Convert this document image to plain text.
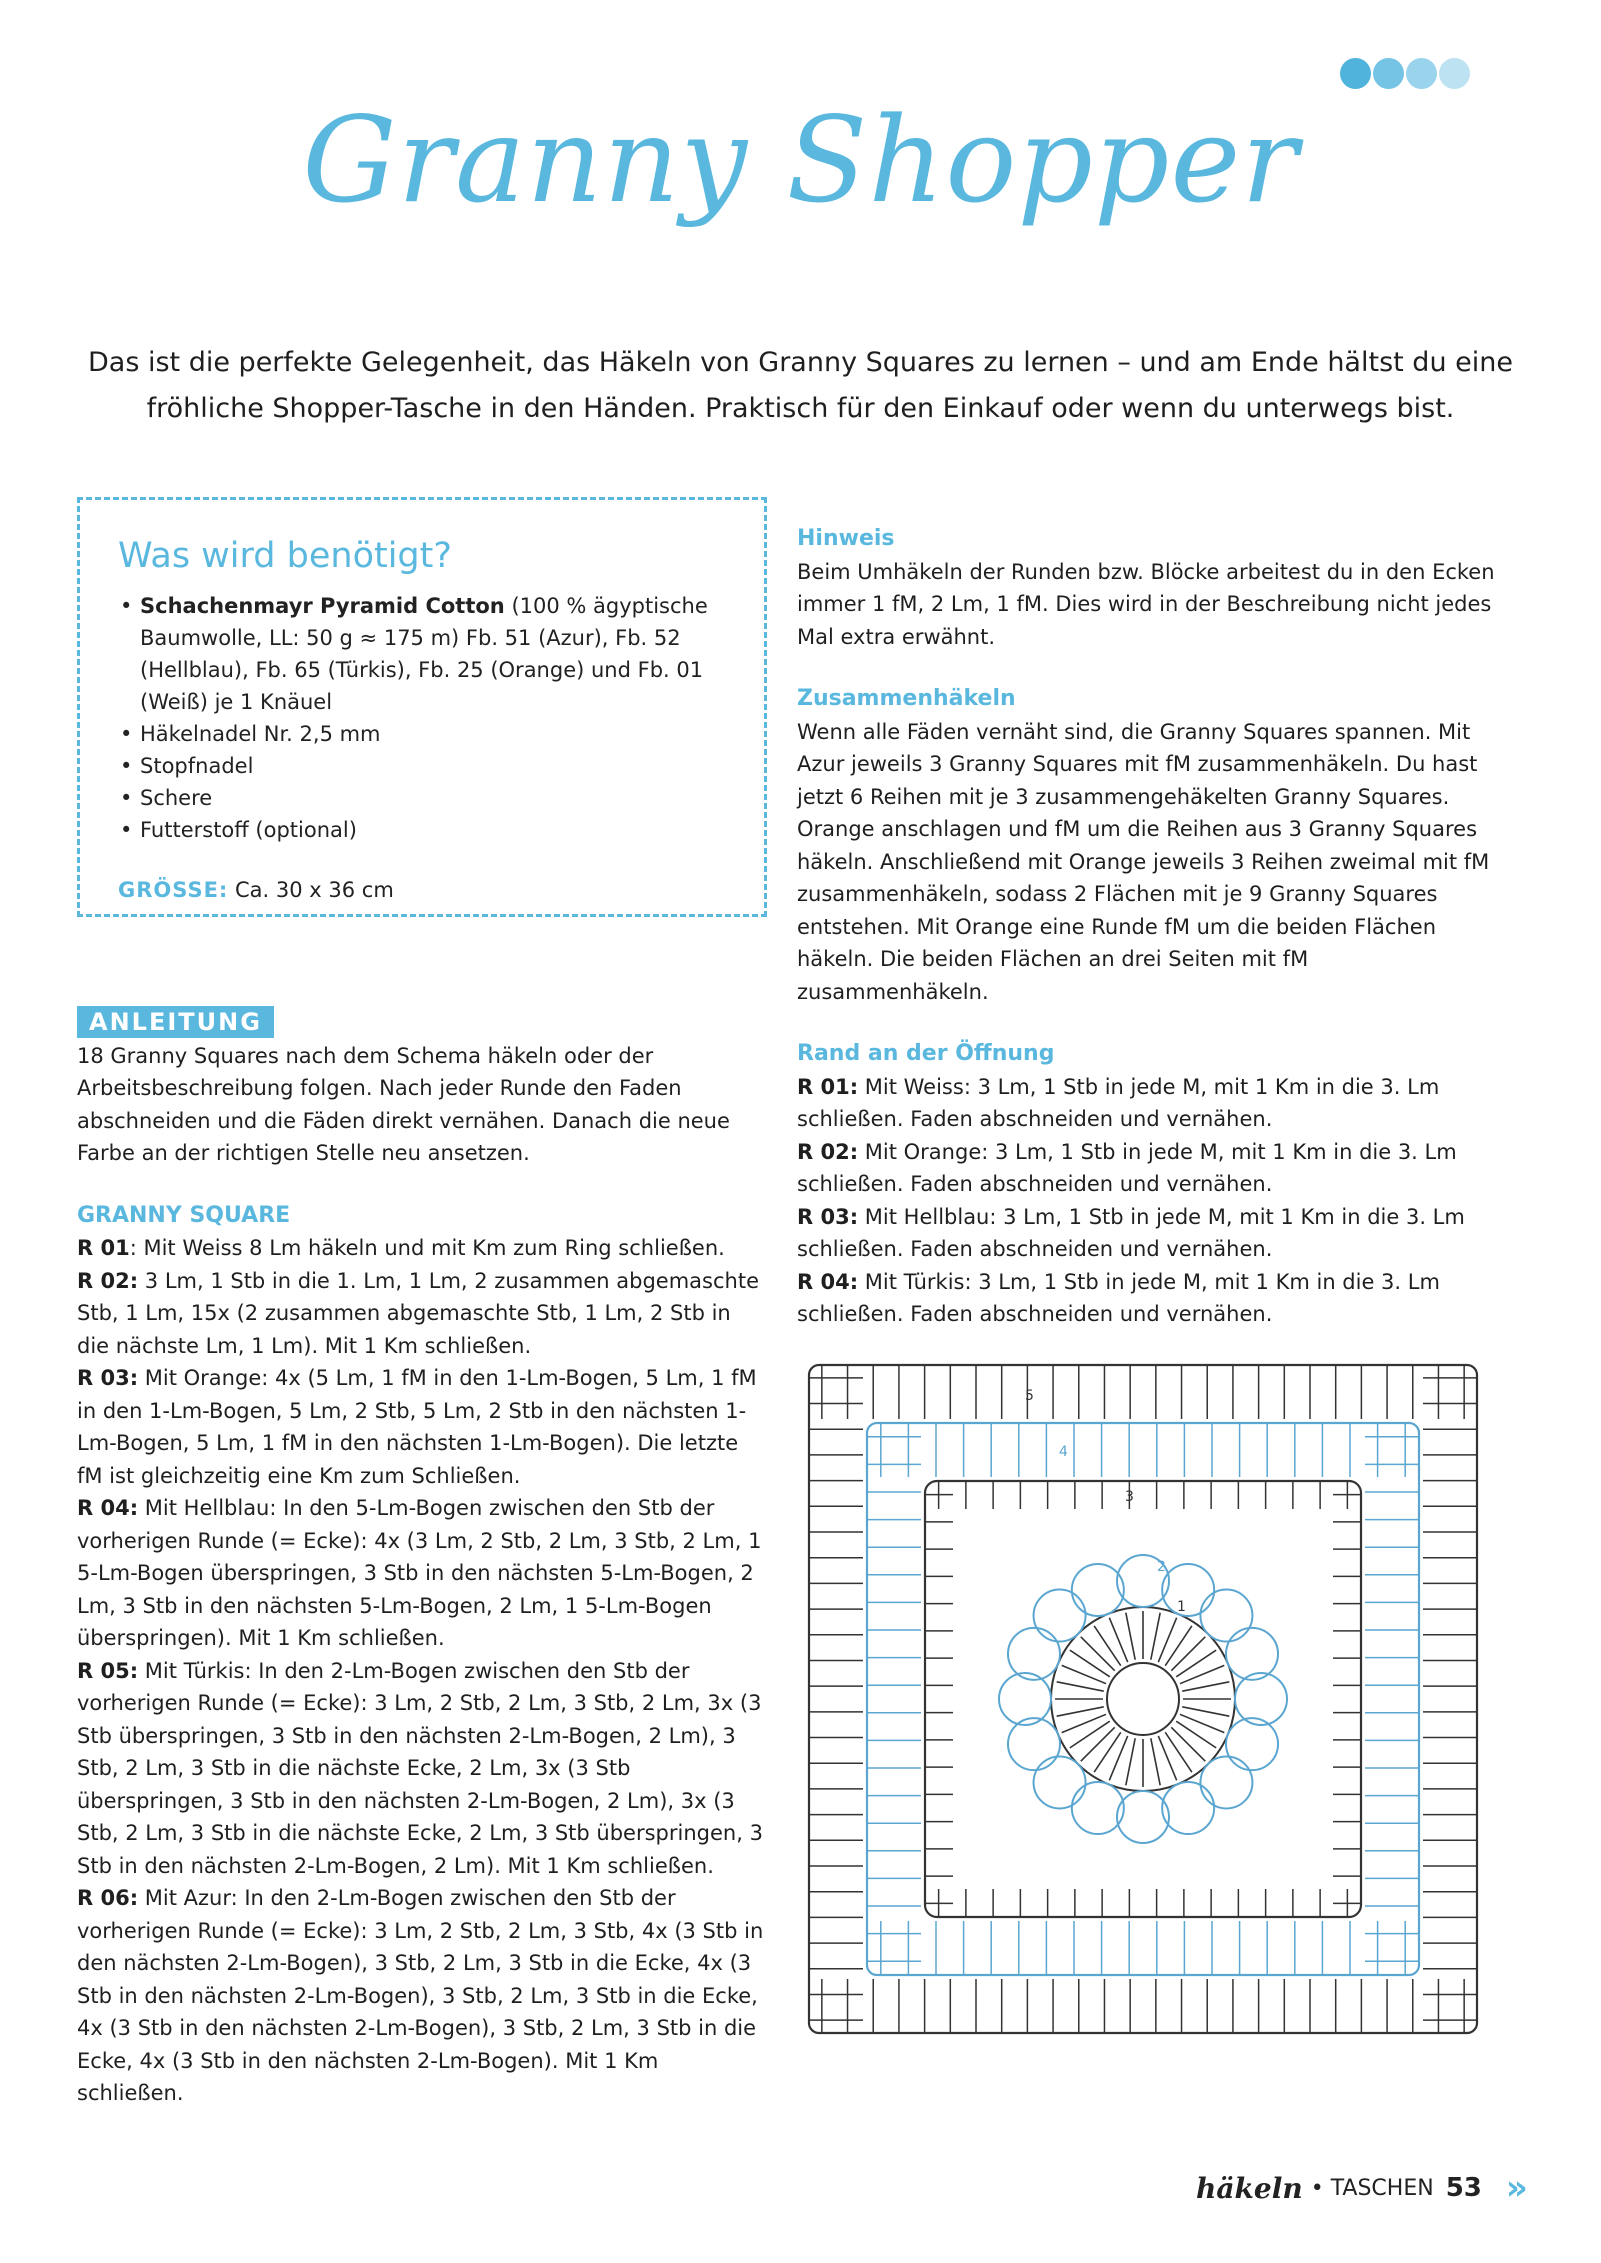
Granny Shopper
Das ist die perfekte Gelegenheit, das Häkeln von Granny Squares zu lernen – und am Ende hältst du eine fröhliche Shopper-Tasche in den Händen. Praktisch für den Einkauf oder wenn du unterwegs bist.
Was wird benötigt?
• Schachenmayr Pyramid Cotton (100 % ägyptische Baumwolle, LL: 50 g ≈ 175 m) Fb. 51 (Azur), Fb. 52 (Hellblau), Fb. 65 (Türkis), Fb. 25 (Orange) und Fb. 01 (Weiß) je 1 Knäuel
• Häkelnadel Nr. 2,5 mm
• Stopfnadel
• Schere
• Futterstoff (optional)
GRÖSSE: Ca. 30 x 36 cm
ANLEITUNG

18 Granny Squares nach dem Schema häkeln oder der Arbeitsbeschreibung folgen. Nach jeder Runde den Faden abschneiden und die Fäden direkt vernähen. Danach die neue Farbe an der richtigen Stelle neu ansetzen.

GRANNY SQUARE

R 01: Mit Weiss 8 Lm häkeln und mit Km zum Ring schließen.

R 02: 3 Lm, 1 Stb in die 1. Lm, 1 Lm, 2 zusammen abgemaschte Stb, 1 Lm, 15x (2 zusammen abgemaschte Stb, 1 Lm, 2 Stb in die nächste Lm, 1 Lm). Mit 1 Km schließen.

R 03: Mit Orange: 4x (5 Lm, 1 fM in den 1-Lm-Bogen, 5 Lm, 1 fM in den 1-Lm-Bogen, 5 Lm, 2 Stb, 5 Lm, 2 Stb in den nächsten 1-Lm-Bogen, 5 Lm, 1 fM in den nächsten 1-Lm-Bogen). Die letzte fM ist gleichzeitig eine Km zum Schließen.

R 04: Mit Hellblau: In den 5-Lm-Bogen zwischen den Stb der vorherigen Runde (= Ecke): 4x (3 Lm, 2 Stb, 2 Lm, 3 Stb, 2 Lm, 1 5-Lm-Bogen überspringen, 3 Stb in den nächsten 5-Lm-Bogen, 2 Lm, 3 Stb in den nächsten 5-Lm-Bogen, 2 Lm, 1 5-Lm-Bogen überspringen). Mit 1 Km schließen.

R 05: Mit Türkis: In den 2-Lm-Bogen zwischen den Stb der vorherigen Runde (= Ecke): 3 Lm, 2 Stb, 2 Lm, 3 Stb, 2 Lm, 3x (3 Stb überspringen, 3 Stb in den nächsten 2-Lm-Bogen, 2 Lm), 3 Stb, 2 Lm, 3 Stb in die nächste Ecke, 2 Lm, 3x (3 Stb überspringen, 3 Stb in den nächsten 2-Lm-Bogen, 2 Lm), 3x (3 Stb, 2 Lm, 3 Stb in die nächste Ecke, 2 Lm, 3 Stb überspringen, 3 Stb in den nächsten 2-Lm-Bogen, 2 Lm). Mit 1 Km schließen.

R 06: Mit Azur: In den 2-Lm-Bogen zwischen den Stb der vorherigen Runde (= Ecke): 3 Lm, 2 Stb, 2 Lm, 3 Stb, 4x (3 Stb in den nächsten 2-Lm-Bogen), 3 Stb, 2 Lm, 3 Stb in die Ecke, 4x (3 Stb in den nächsten 2-Lm-Bogen), 3 Stb, 2 Lm, 3 Stb in die Ecke, 4x (3 Stb in den nächsten 2-Lm-Bogen), 3 Stb, 2 Lm, 3 Stb in die Ecke, 4x (3 Stb in den nächsten 2-Lm-Bogen). Mit 1 Km schließen.

Hinweis

Beim Umhäkeln der Runden bzw. Blöcke arbeitest du in den Ecken immer 1 fM, 2 Lm, 1 fM. Dies wird in der Beschreibung nicht jedes Mal extra erwähnt.

Zusammenhäkeln

Wenn alle Fäden vernäht sind, die Granny Squares spannen. Mit Azur jeweils 3 Granny Squares mit fM zusammenhäkeln. Du hast jetzt 6 Reihen mit je 3 zusammengehäkelten Granny Squares. Orange anschlagen und fM um die Reihen aus 3 Granny Squares häkeln. Anschließend mit Orange jeweils 3 Reihen zweimal mit fM zusammenhäkeln, sodass 2 Flächen mit je 9 Granny Squares entstehen. Mit Orange eine Runde fM um die beiden Flächen häkeln. Die beiden Flächen an drei Seiten mit fM zusammenhäkeln.

Rand an der Öffnung

R 01: Mit Weiss: 3 Lm, 1 Stb in jede M, mit 1 Km in die 3. Lm schließen. Faden abschneiden und vernähen.

R 02: Mit Orange: 3 Lm, 1 Stb in jede M, mit 1 Km in die 3. Lm schließen. Faden abschneiden und vernähen.

R 03: Mit Hellblau: 3 Lm, 1 Stb in jede M, mit 1 Km in die 3. Lm schließen. Faden abschneiden und vernähen.

R 04: Mit Türkis: 3 Lm, 1 Stb in jede M, mit 1 Km in die 3. Lm schließen. Faden abschneiden und vernähen.

5
4
3
2
1
häkeln • TASCHEN 53 »
